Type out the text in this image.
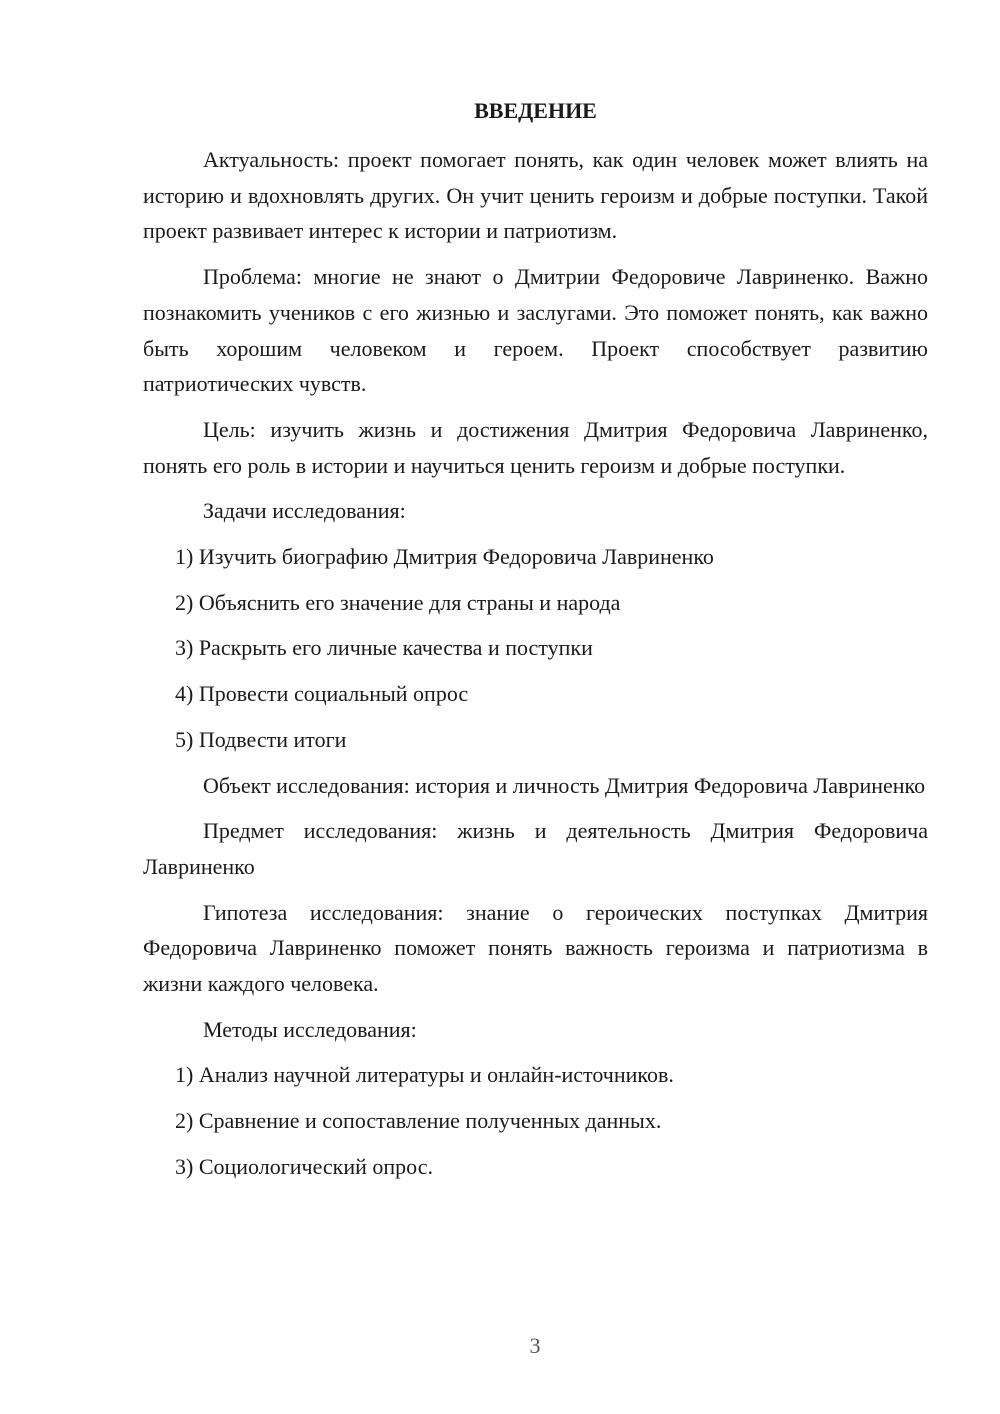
ВВЕДЕНИЕ

Актуальность: проект помогает понять, как один человек может влиять на историю и вдохновлять других. Он учит ценить героизм и добрые поступки. Такой проект развивает интерес к истории и патриотизм.

Проблема: многие не знают о Дмитрии Федоровиче Лавриненко. Важно познакомить учеников с его жизнью и заслугами. Это поможет понять, как важно быть хорошим человеком и героем. Проект способствует развитию патриотических чувств.

Цель: изучить жизнь и достижения Дмитрия Федоровича Лавриненко, понять его роль в истории и научиться ценить героизм и добрые поступки.

Задачи исследования:

1) Изучить биографию Дмитрия Федоровича Лавриненко

2) Объяснить его значение для страны и народа

3) Раскрыть его личные качества и поступки

4) Провести социальный опрос

5) Подвести итоги

Объект исследования: история и личность Дмитрия Федоровича Лавриненко

Предмет исследования: жизнь и деятельность Дмитрия Федоровича Лавриненко

Гипотеза исследования: знание о героических поступках Дмитрия Федоровича Лавриненко поможет понять важность героизма и патриотизма в жизни каждого человека.

Методы исследования:

1) Анализ научной литературы и онлайн-источников.

2) Сравнение и сопоставление полученных данных.

3) Социологический опрос.

3
